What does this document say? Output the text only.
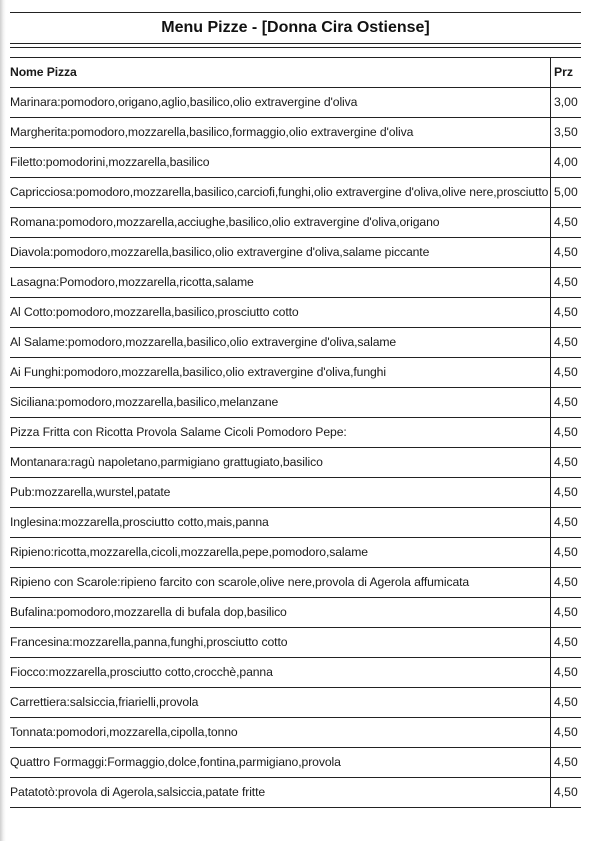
Menu Pizze - [Donna Cira Ostiense]
Nome Pizza	Prz
Marinara:pomodoro,origano,aglio,basilico,olio extravergine d'oliva	3,00
Margherita:pomodoro,mozzarella,basilico,formaggio,olio extravergine d'oliva	3,50
Filetto:pomodorini,mozzarella,basilico	4,00
Capricciosa:pomodoro,mozzarella,basilico,carciofi,funghi,olio extravergine d'oliva,olive nere,prosciutto 5,00
Romana:pomodoro,mozzarella,acciughe,basilico,olio extravergine d'oliva,origano	4,50
Diavola:pomodoro,mozzarella,basilico,olio extravergine d'oliva,salame piccante	4,50
Lasagna:Pomodoro,mozzarella,ricotta,salame	4,50
Al Cotto:pomodoro,mozzarella,basilico,prosciutto cotto	4,50
Al Salame:pomodoro,mozzarella,basilico,olio extravergine d'oliva,salame	4,50
Ai Funghi:pomodoro,mozzarella,basilico,olio extravergine d'oliva,funghi	4,50
Siciliana:pomodoro,mozzarella,basilico,melanzane	4,50
Pizza Fritta con Ricotta Provola Salame Cicoli Pomodoro Pepe:	4,50
Montanara:ragù napoletano,parmigiano grattugiato,basilico	4,50
Pub:mozzarella,wurstel,patate	4,50
Inglesina:mozzarella,prosciutto cotto,mais,panna	4,50
Ripieno:ricotta,mozzarella,cicoli,mozzarella,pepe,pomodoro,salame	4,50
Ripieno con Scarole:ripieno farcito con scarole,olive nere,provola di Agerola affumicata	4,50
Bufalina:pomodoro,mozzarella di bufala dop,basilico	4,50
Francesina:mozzarella,panna,funghi,prosciutto cotto	4,50
Fiocco:mozzarella,prosciutto cotto,crocchè,panna	4,50
Carrettiera:salsiccia,friarielli,provola	4,50
Tonnata:pomodori,mozzarella,cipolla,tonno	4,50
Quattro Formaggi:Formaggio,dolce,fontina,parmigiano,provola	4,50
Patatotò:provola di Agerola,salsiccia,patate fritte	4,50
